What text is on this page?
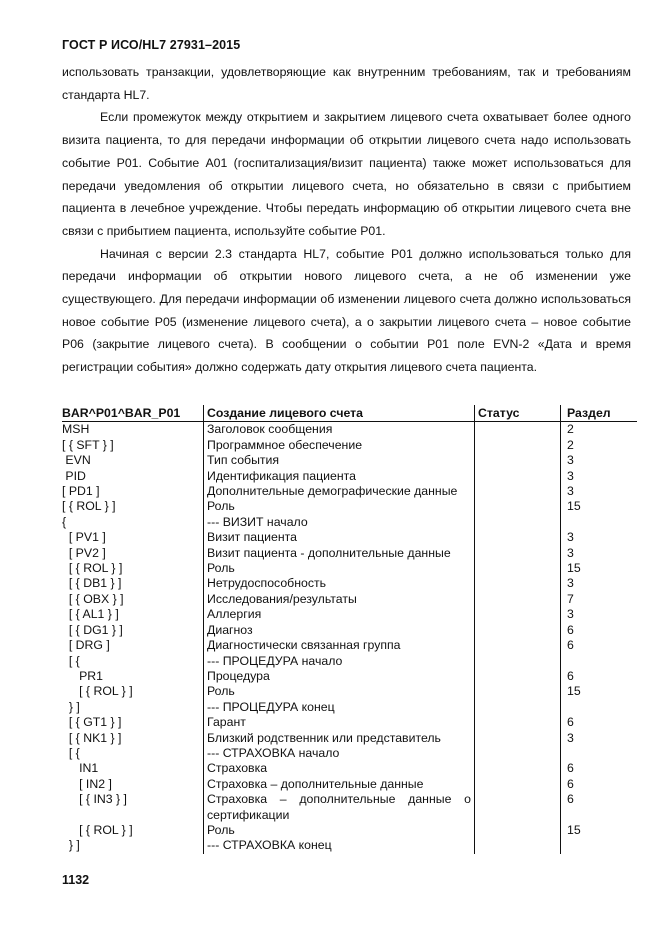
ГОСТ Р ИСО/HL7 27931–2015

использовать транзакции, удовлетворяющие как внутренним требованиям, так и требованиям стандарта HL7.

Если промежуток между открытием и закрытием лицевого счета охватывает более одного визита пациента, то для передачи информации об открытии лицевого счета надо использовать событие P01. Событие A01 (госпитализация/визит пациента) также может использоваться для передачи уведомления об открытии лицевого счета, но обязательно в связи с прибытием пациента в лечебное учреждение. Чтобы передать информацию об открытии лицевого счета вне связи с прибытием пациента, используйте событие P01.

Начиная с версии 2.3 стандарта HL7, событие P01 должно использоваться только для передачи информации об открытии нового лицевого счета, а не об изменении уже существующего. Для передачи информации об изменении лицевого счета должно использоваться новое событие P05 (изменение лицевого счета), а о закрытии лицевого счета – новое событие P06 (закрытие лицевого счета). В сообщении о событии P01 поле EVN-2 «Дата и время регистрации события» должно содержать дату открытия лицевого счета пациента.

BAR^P01^BAR_P01	Создание лицевого счета	Статус	Раздел
MSH	Заголовок сообщения		2
[ { SFT } ]	Программное обеспечение		2
EVN	Тип события		3
PID	Идентификация пациента		3
[ PD1 ]	Дополнительные демографические данные		3
[ { ROL } ]	Роль		15
{	--- ВИЗИТ начало		
[ PV1 ]	Визит пациента		3
[ PV2 ]	Визит пациента - дополнительные данные		3
[ { ROL } ]	Роль		15
[ { DB1 } ]	Нетрудоспособность		3
[ { OBX } ]	Исследования/результаты		7
[ { AL1 } ]	Аллергия		3
[ { DG1 } ]	Диагноз		6
[ DRG ]	Диагностически связанная группа		6
[ {	--- ПРОЦЕДУРА начало		
PR1	Процедура		6
[ { ROL } ]	Роль		15
} ]	--- ПРОЦЕДУРА конец		
[ { GT1 } ]	Гарант		6
[ { NK1 } ]	Близкий родственник или представитель		3
[ {	--- СТРАХОВКА начало		
IN1	Страховка		6
[ IN2 ]	Страховка – дополнительные данные		6
[ { IN3 } ]	Страховка – дополнительные данные о сертификации		6
[ { ROL } ]	Роль		15
} ]	--- СТРАХОВКА конец		
1132
